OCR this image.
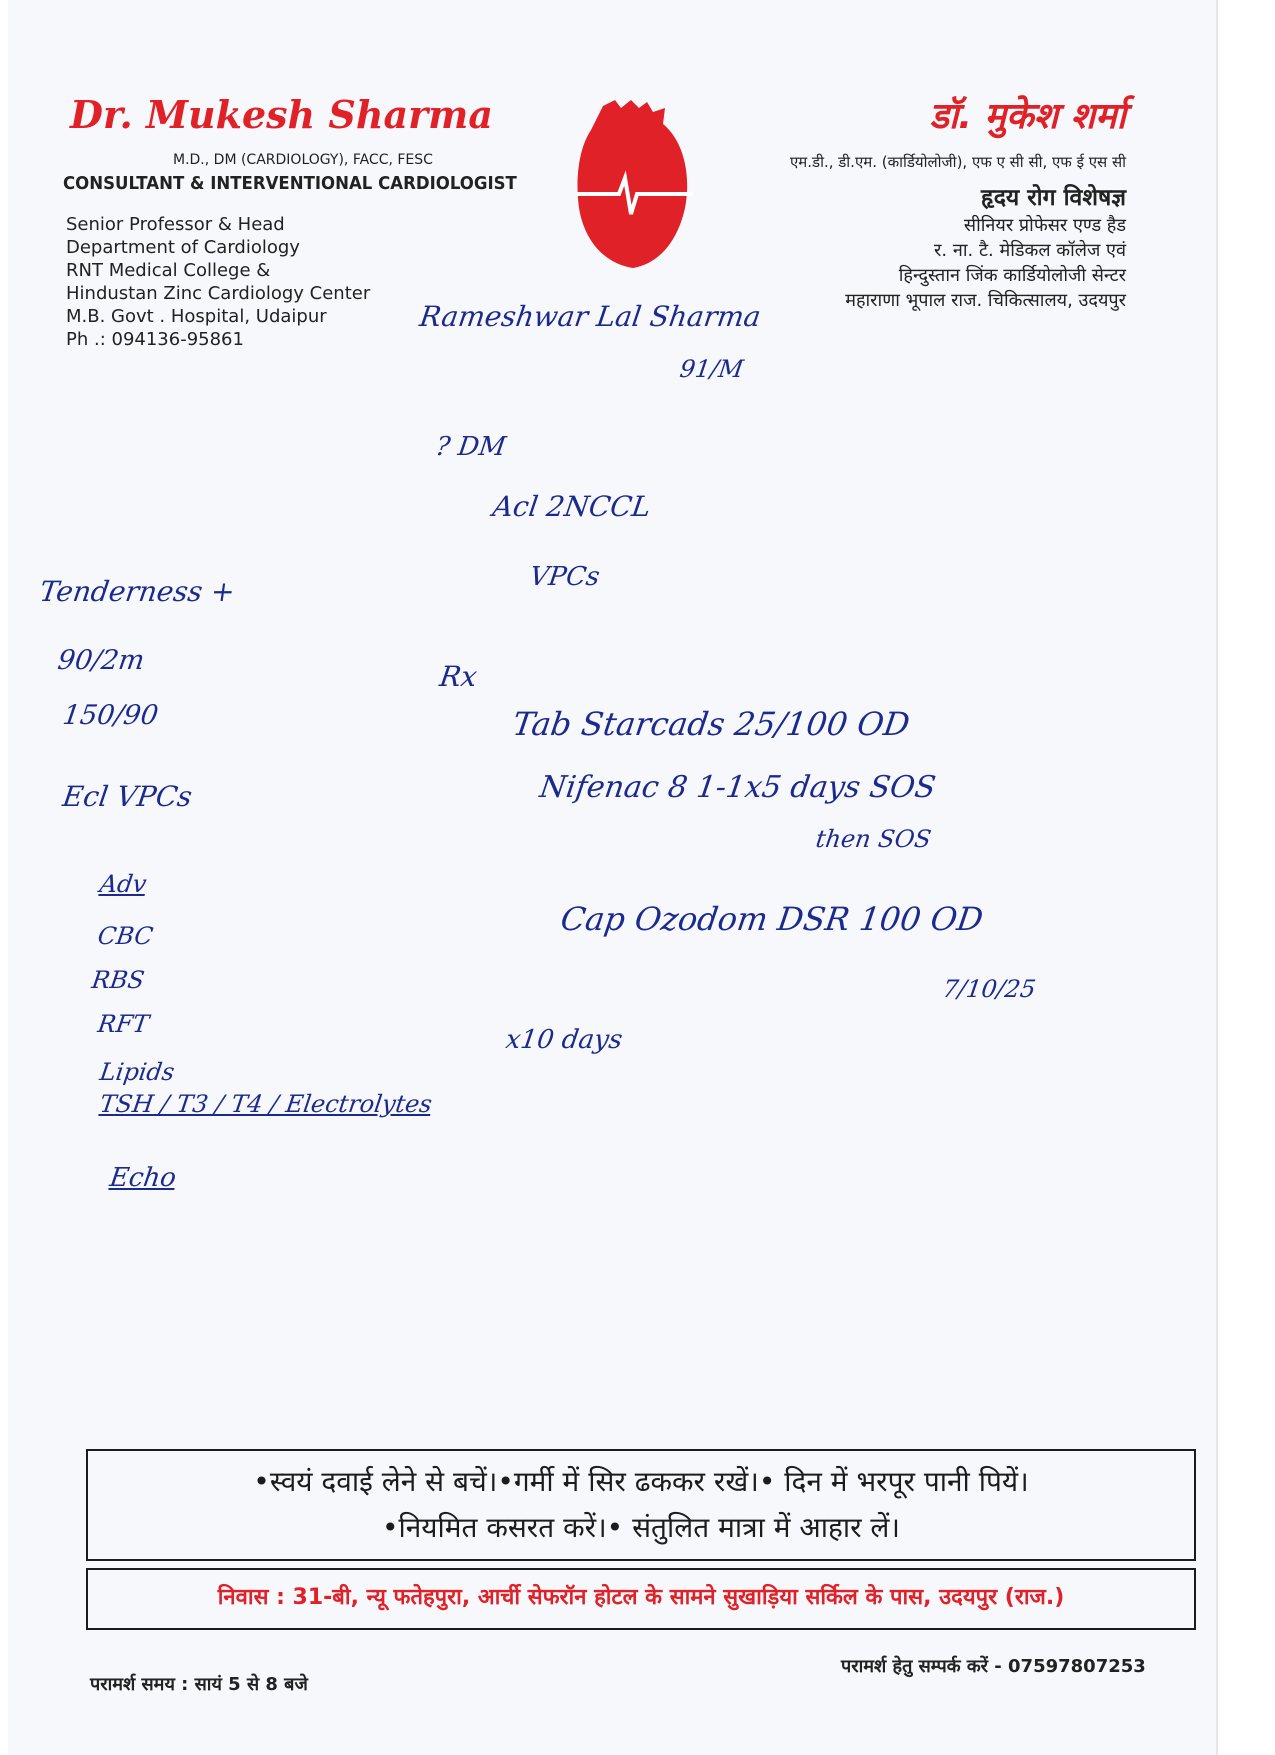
Dr. Mukesh Sharma
M.D., DM (CARDIOLOGY), FACC, FESC
CONSULTANT & INTERVENTIONAL CARDIOLOGIST
Senior Professor & Head
Department of Cardiology
RNT Medical College &
Hindustan Zinc Cardiology Center
M.B. Govt . Hospital, Udaipur
Ph .: 094136-95861
डॉ. मुकेश शर्मा
एम.डी., डी.एम. (कार्डियोलोजी), एफ ए सी सी, एफ ई एस सी
हृदय रोग विशेषज्ञ
सीनियर प्रोफेसर एण्ड हैड
र. ना. टै. मेडिकल कॉलेज एवं
हिन्दुस्तान जिंक कार्डियोलोजी सेन्टर
महाराणा भूपाल राज. चिकित्सालय, उदयपुर
Rameshwar Lal Sharma
91/M
? DM
Acl 2NCCL
VPCs
Tenderness +
90/2m
150/90
Ecl VPCs
Adv
CBC
RBS
RFT
Lipids
TSH / T3 / T4 / Electrolytes
Echo
Rx
Tab Starcads 25/100 OD
Nifenac 8 1-1x5 days SOS
then SOS
Cap Ozodom DSR 100 OD
x10 days
7/10/25
•स्वयं दवाई लेने से बचें।•गर्मी में सिर ढककर रखें।• दिन में भरपूर पानी पियें।
•नियमित कसरत करें।• संतुलित मात्रा में आहार लें।
निवास : 31-बी, न्यू फतेहपुरा, आर्ची सेफरॉन होटल के सामने सुखाड़िया सर्किल के पास, उदयपुर (राज.)
परामर्श समय : सायं 5 से 8 बजे
परामर्श हेतु सम्पर्क करें - 07597807253
